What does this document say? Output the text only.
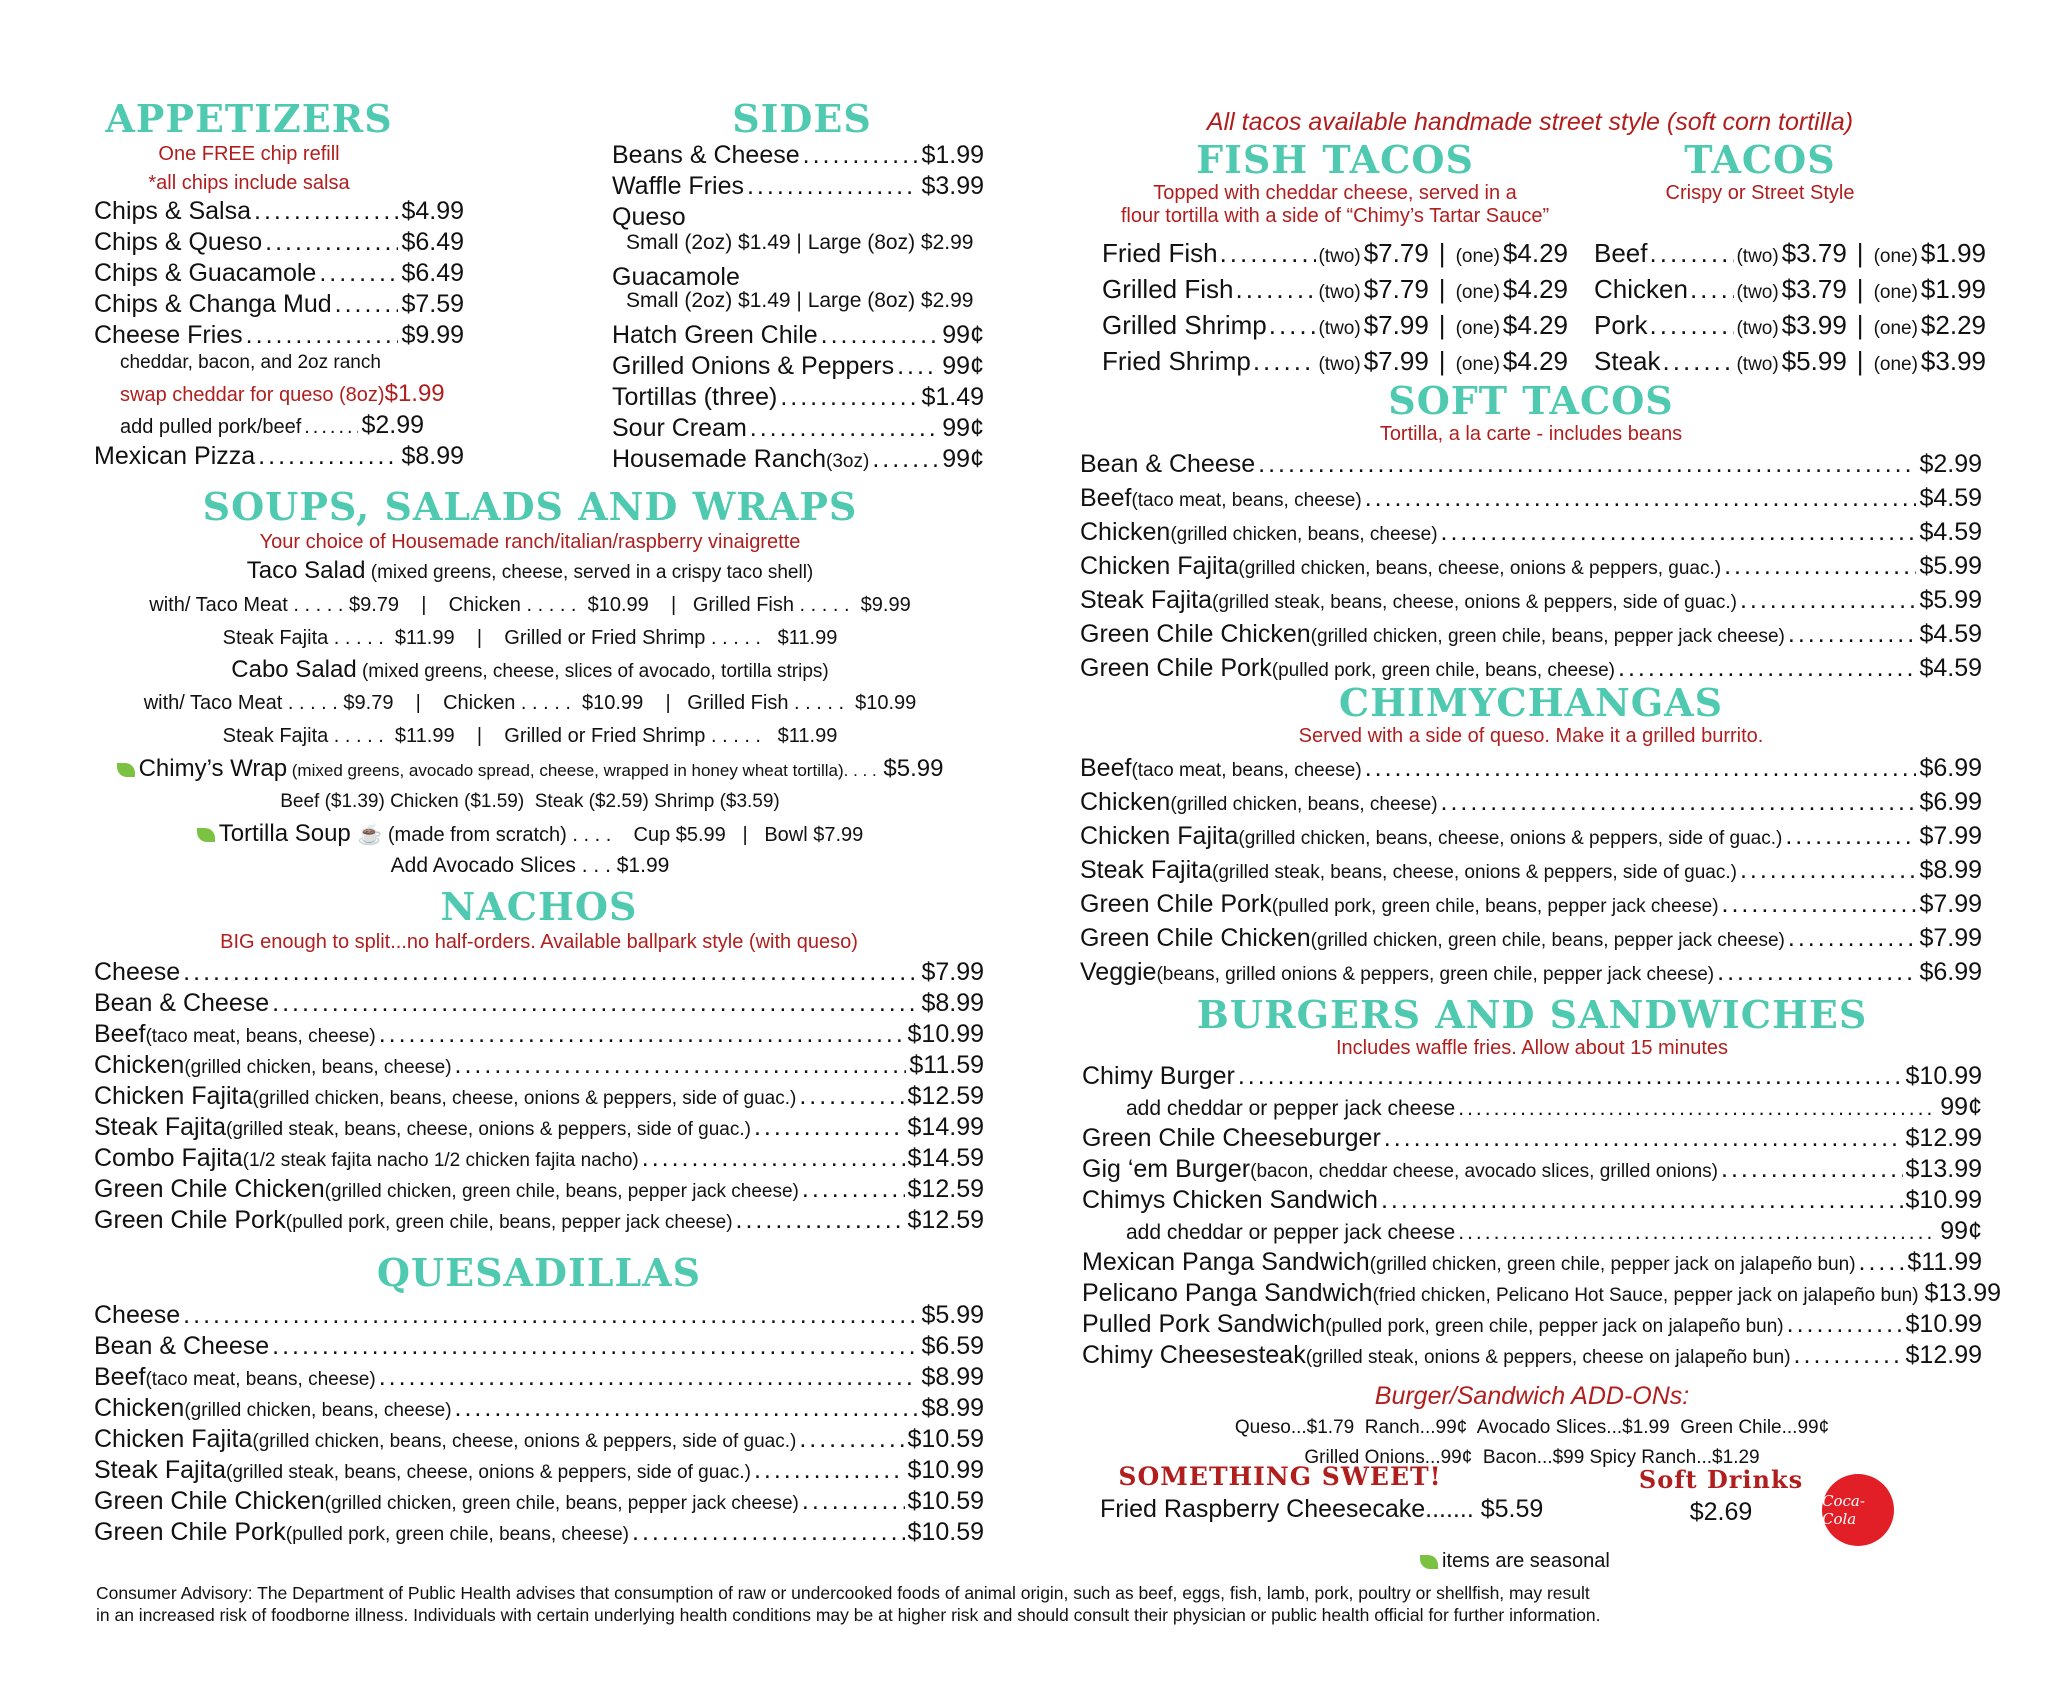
APPETIZERS
One FREE chip refill
*all chips include salsa
Chips & Salsa .....	$4.99
Chips & Queso .....	$6.49
Chips & Guacamole .....	$6.49
Chips & Changa Mud .....	$7.59
Cheese Fries .....	$9.99
cheddar, bacon, and 2oz ranch
swap cheddar for queso (8oz) $1.99
add pulled pork/beef ..... $2.99
Mexican Pizza .....	$8.99
SIDES
Beans & Cheese .....	$1.99
Waffle Fries .....	$3.99
Queso
Small (2oz) $1.49 | Large (8oz) $2.99
Guacamole
Small (2oz) $1.49 | Large (8oz) $2.99
Hatch Green Chile .....	99¢
Grilled Onions & Peppers ..... 99¢
Tortillas (three) .....	$1.49
Sour Cream .....	99¢
Housemade Ranch (3oz) .....	99¢
SOUPS, SALADS AND WRAPS
Your choice of Housemade ranch/italian/raspberry vinaigrette
Taco Salad (mixed greens, cheese, served in a crispy taco shell)
with/ Taco Meat . . . . . $9.79    |    Chicken . . . . .  $10.99    |   Grilled Fish . . . . .  $9.99
Steak Fajita . . . . .  $11.99    |    Grilled or Fried Shrimp . . . . .   $11.99
Cabo Salad (mixed greens, cheese, slices of avocado, tortilla strips)
with/ Taco Meat . . . . . $9.79    |    Chicken . . . . .  $10.99    |   Grilled Fish . . . . .  $10.99
Steak Fajita . . . . .  $11.99    |    Grilled or Fried Shrimp . . . . .   $11.99
Chimy’s Wrap (mixed greens, avocado spread, cheese, wrapped in honey wheat tortilla). . . . $5.99
Beef ($1.39) Chicken ($1.59)  Steak ($2.59) Shrimp ($3.59)
Tortilla Soup ☕ (made from scratch) . . . .    Cup $5.99   |   Bowl $7.99
Add Avocado Slices . . . $1.99
NACHOS
BIG enough to split...no half-orders. Available ballpark style (with queso)
Cheese .....	$7.99
Bean & Cheese .....	$8.99
Beef (taco meat, beans, cheese) .....	$10.99
Chicken (grilled chicken, beans, cheese) .....	$11.59
Chicken Fajita (grilled chicken, beans, cheese, onions & peppers, side of guac.) .....	$12.59
Steak Fajita (grilled steak, beans, cheese, onions & peppers, side of guac.) .....	$14.99
Combo Fajita (1/2 steak fajita nacho 1/2 chicken fajita nacho) .....	$14.59
Green Chile Chicken (grilled chicken, green chile, beans, pepper jack cheese) .....	$12.59
Green Chile Pork (pulled pork, green chile, beans, pepper jack cheese) .....	$12.59
QUESADILLAS
Cheese .....	$5.99
Bean & Cheese .....	$6.59
Beef (taco meat, beans, cheese) .....	$8.99
Chicken (grilled chicken, beans, cheese) .....	$8.99
Chicken Fajita (grilled chicken, beans, cheese, onions & peppers, side of guac.) .....	$10.59
Steak Fajita (grilled steak, beans, cheese, onions & peppers, side of guac.) .....	$10.99
Green Chile Chicken (grilled chicken, green chile, beans, pepper jack cheese) .....	$10.59
Green Chile Pork (pulled pork, green chile, beans, cheese) .....	$10.59
All tacos available handmade street style (soft corn tortilla)
FISH TACOS
Topped with cheddar cheese, served in a
flour tortilla with a side of “Chimy’s Tartar Sauce”
TACOS
Crispy or Street Style
Fried Fish .....	(two) $7.79 | (one) $4.29
Grilled Fish .....	(two) $7.79 | (one) $4.29
Grilled Shrimp .....	(two) $7.99 | (one) $4.29
Fried Shrimp .....	(two) $7.99 | (one) $4.29
Beef .....	(two) $3.79 | (one) $1.99
Chicken .....	(two) $3.79 | (one) $1.99
Pork .....	(two) $3.99 | (one) $2.29
Steak .....	(two) $5.99 | (one) $3.99
SOFT TACOS
Tortilla, a la carte - includes beans
Bean & Cheese .....	$2.99
Beef (taco meat, beans, cheese) .....	$4.59
Chicken (grilled chicken, beans, cheese) .....	$4.59
Chicken Fajita (grilled chicken, beans, cheese, onions & peppers, guac.) .....	$5.99
Steak Fajita (grilled steak, beans, cheese, onions & peppers, side of guac.) .....	$5.99
Green Chile Chicken (grilled chicken, green chile, beans, pepper jack cheese) .....	$4.59
Green Chile Pork (pulled pork, green chile, beans, cheese) .....	$4.59
CHIMYCHANGAS
Served with a side of queso. Make it a grilled burrito.
Beef (taco meat, beans, cheese) .....	$6.99
Chicken (grilled chicken, beans, cheese) .....	$6.99
Chicken Fajita (grilled chicken, beans, cheese, onions & peppers, side of guac.) .....	$7.99
Steak Fajita (grilled steak, beans, cheese, onions & peppers, side of guac.) .....	$8.99
Green Chile Pork (pulled pork, green chile, beans, pepper jack cheese) .....	$7.99
Green Chile Chicken (grilled chicken, green chile, beans, pepper jack cheese) .....	$7.99
Veggie (beans, grilled onions & peppers, green chile, pepper jack cheese) .....	$6.99
BURGERS AND SANDWICHES
Includes waffle fries. Allow about 15 minutes
Chimy Burger .....	$10.99
add cheddar or pepper jack cheese .....	99¢
Green Chile Cheeseburger .....	$12.99
Gig ‘em Burger (bacon, cheddar cheese, avocado slices, grilled onions) .....	$13.99
Chimys Chicken Sandwich .....	$10.99
add cheddar or pepper jack cheese .....	99¢
Mexican Panga Sandwich (grilled chicken, green chile, pepper jack on jalapeño bun) ..... $11.99
Pelicano Panga Sandwich (fried chicken, Pelicano Hot Sauce, pepper jack on jalapeño bun) $13.99
Pulled Pork Sandwich (pulled pork, green chile, pepper jack on jalapeño bun) .....	$10.99
Chimy Cheesesteak (grilled steak, onions & peppers, cheese on jalapeño bun) .....	$12.99
Burger/Sandwich ADD-ONs:
Queso...$1.79  Ranch...99¢  Avocado Slices...$1.99  Green Chile...99¢
Grilled Onions...99¢  Bacon...$99 Spicy Ranch...$1.29
SOMETHING SWEET!
Fried Raspberry Cheesecake....... $5.59
Soft Drinks
$2.69	Coca-Cola
items are seasonal
Consumer Advisory: The Department of Public Health advises that consumption of raw or undercooked foods of animal origin, such as beef, eggs, fish, lamb, pork, poultry or shellfish, may result
in an increased risk of foodborne illness. Individuals with certain underlying health conditions may be at higher risk and should consult their physician or public health official for further information.
